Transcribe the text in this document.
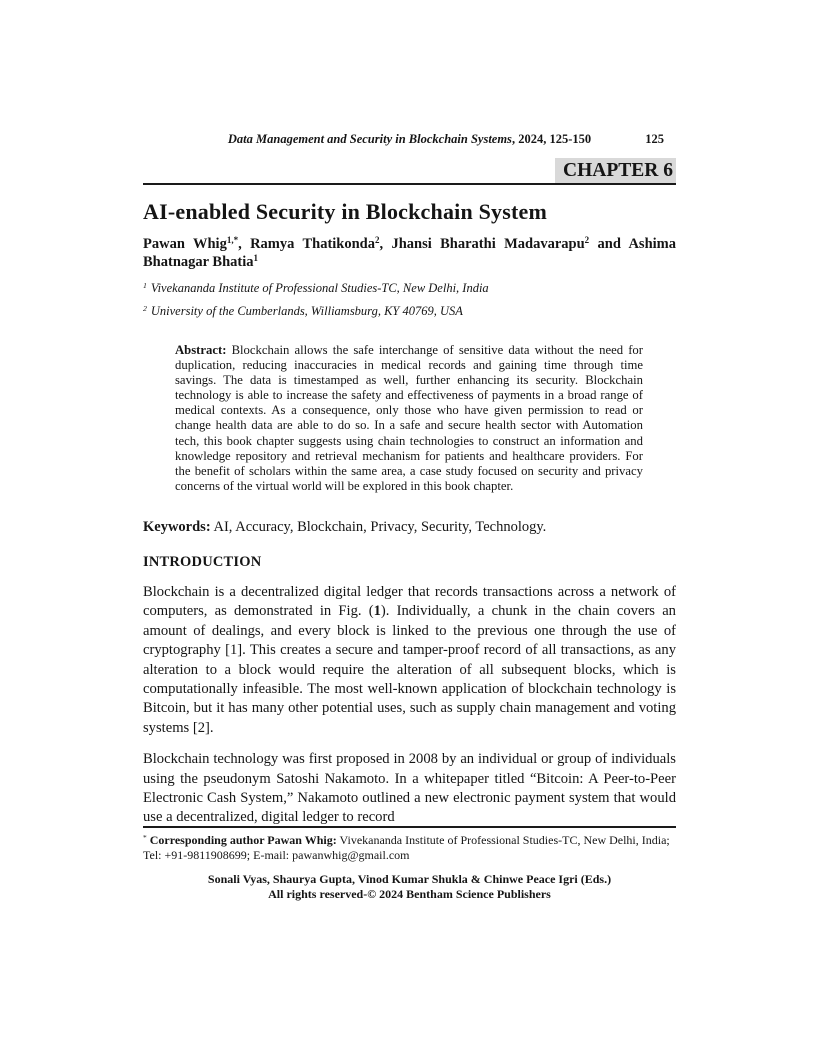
Data Management and Security in Blockchain Systems, 2024, 125-150	125
CHAPTER 6
AI-enabled Security in Blockchain System

Pawan Whig$^{1,*}$, Ramya Thatikonda$^2$, Jhansi Bharathi Madavarapu$^2$ and Ashima Bhatnagar Bhatia$^1$

$^1$ Vivekananda Institute of Professional Studies-TC, New Delhi, India

$^2$ University of the Cumberlands, Williamsburg, KY 40769, USA

Abstract: Blockchain allows the safe interchange of sensitive data without the need for duplication, reducing inaccuracies in medical records and gaining time through time savings. The data is timestamped as well, further enhancing its security. Blockchain technology is able to increase the safety and effectiveness of payments in a broad range of medical contexts. As a consequence, only those who have given permission to read or change health data are able to do so. In a safe and secure health sector with Automation tech, this book chapter suggests using chain technologies to construct an information and knowledge repository and retrieval mechanism for patients and healthcare providers. For the benefit of scholars within the same area, a case study focused on security and privacy concerns of the virtual world will be explored in this book chapter.

Keywords: AI, Accuracy, Blockchain, Privacy, Security, Technology.

INTRODUCTION

Blockchain is a decentralized digital ledger that records transactions across a network of computers, as demonstrated in Fig. (1). Individually, a chunk in the chain covers an amount of dealings, and every block is linked to the previous one through the use of cryptography [1]. This creates a secure and tamper-proof record of all transactions, as any alteration to a block would require the alteration of all subsequent blocks, which is computationally infeasible. The most well-known application of blockchain technology is Bitcoin, but it has many other potential uses, such as supply chain management and voting systems [2].

Blockchain technology was first proposed in 2008 by an individual or group of individuals using the pseudonym Satoshi Nakamoto. In a whitepaper titled “Bitcoin: A Peer-to-Peer Electronic Cash System,” Nakamoto outlined a new electronic payment system that would use a decentralized, digital ledger to record

* Corresponding author Pawan Whig: Vivekananda Institute of Professional Studies-TC, New Delhi, India; Tel: +91-9811908699; E-mail: pawanwhig@gmail.com

Sonali Vyas, Shaurya Gupta, Vinod Kumar Shukla & Chinwe Peace Igri (Eds.)
All rights reserved-© 2024 Bentham Science Publishers
